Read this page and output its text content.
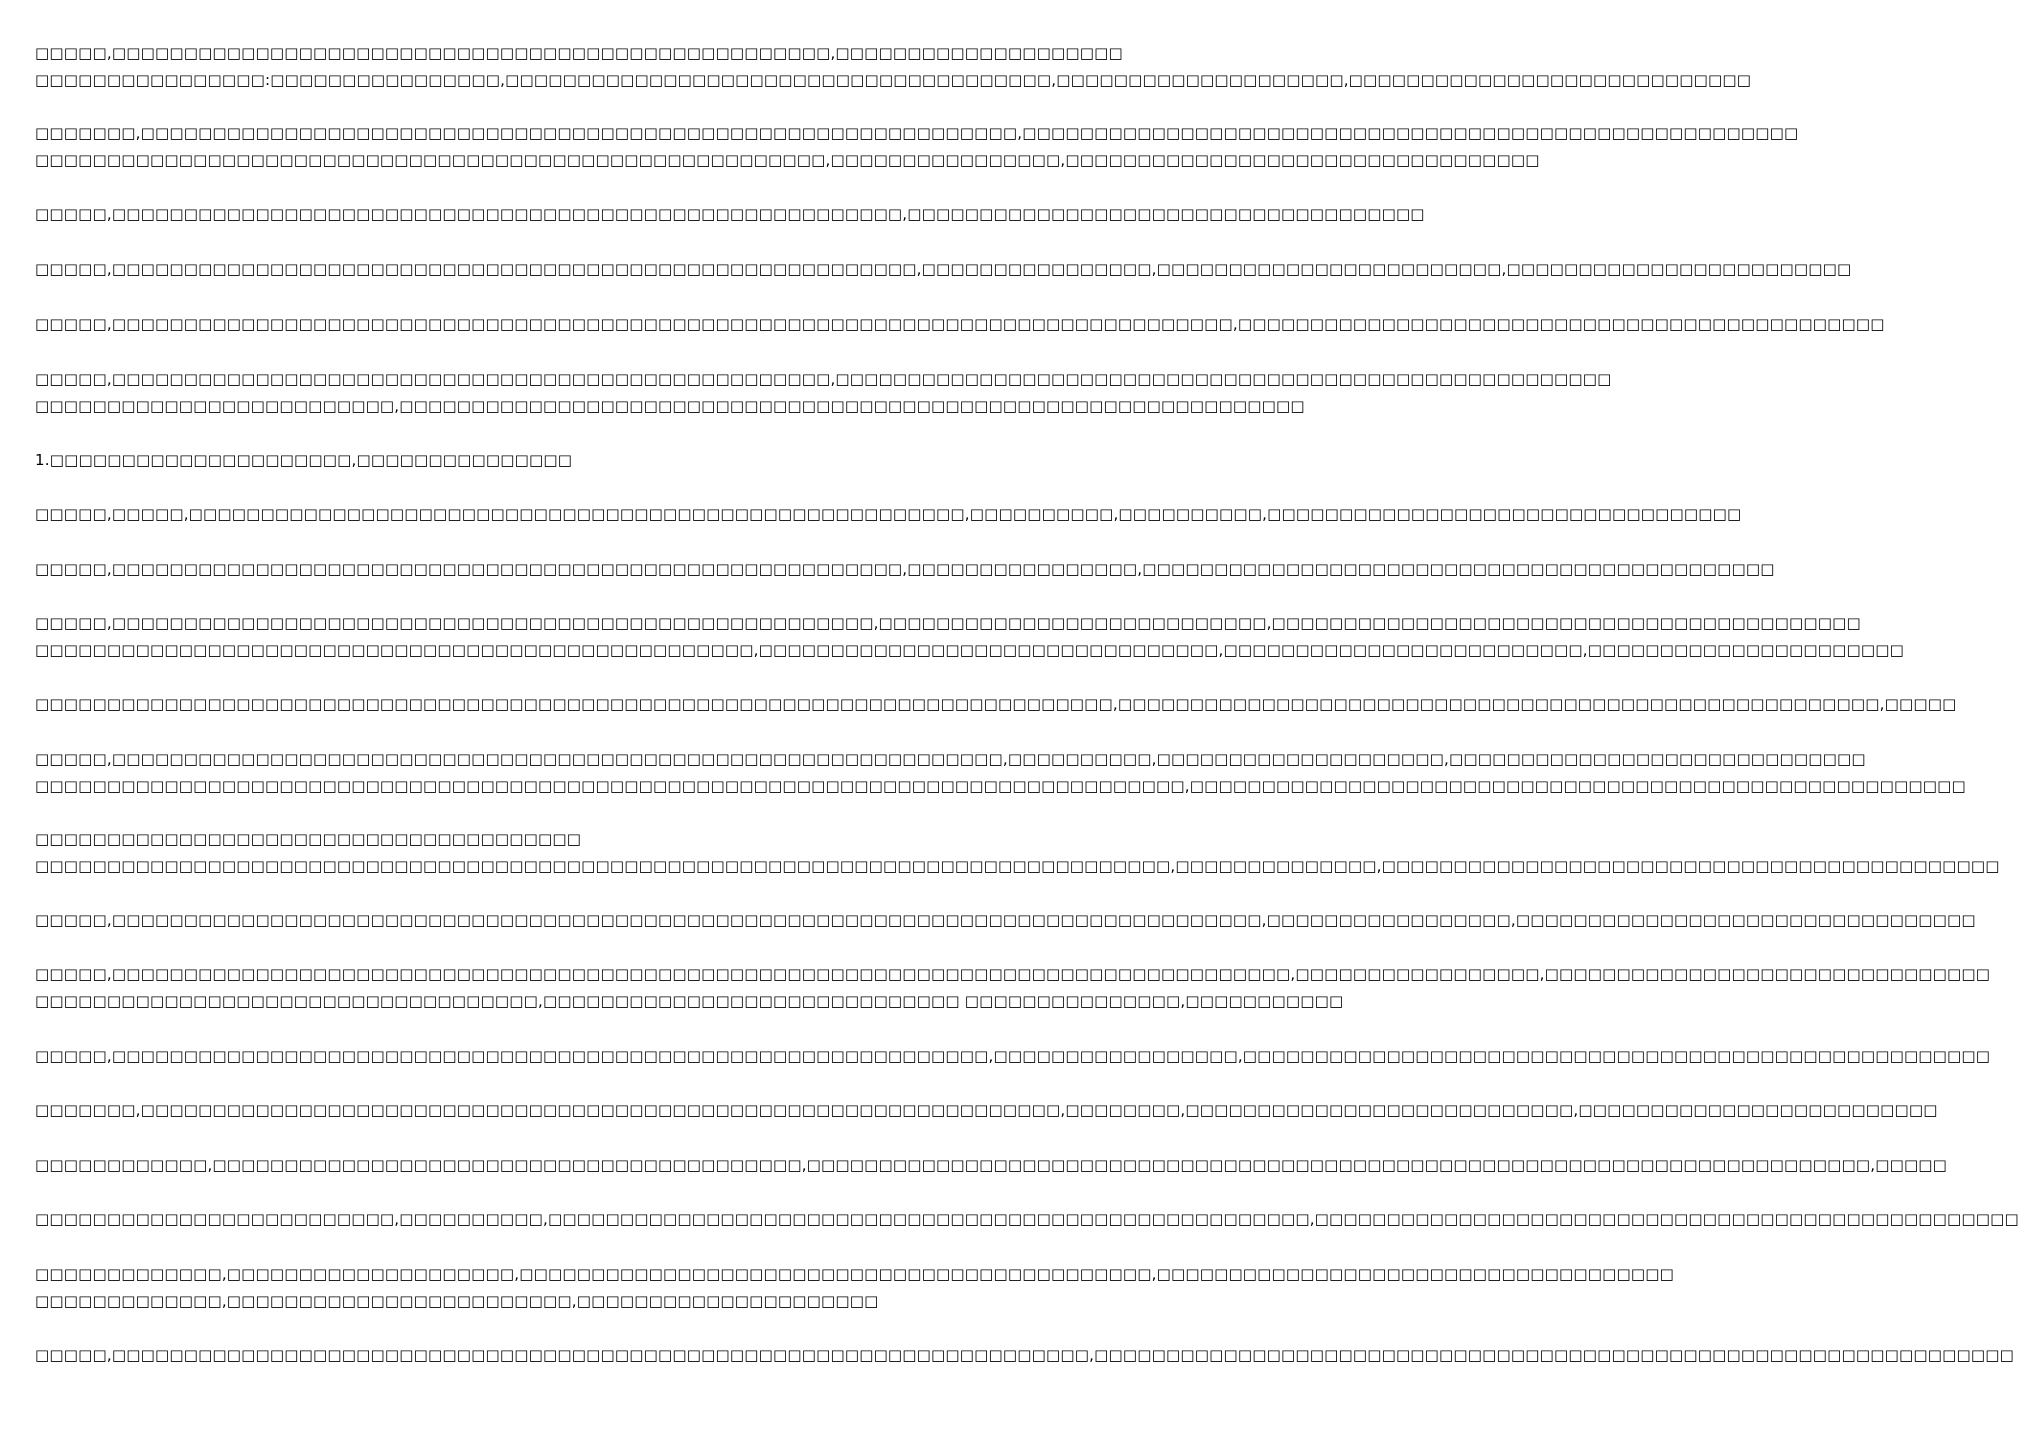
□□□□□,□□□□□□□□□□□□□□□□□□□□□□□□□□□□□□□□□□□□□□□□□□□□□□□□□□,□□□□□□□□□□□□□□□□□□□□
□□□□□□□□□□□□□□□□:□□□□□□□□□□□□□□□□,□□□□□□□□□□□□□□□□□□□□□□□□□□□□□□□□□□□□□□,□□□□□□□□□□□□□□□□□□□□,□□□□□□□□□□□□□□□□□□□□□□□□□□□□
□□□□□□□,□□□□□□□□□□□□□□□□□□□□□□□□□□□□□□□□□□□□□□□□□□□□□□□□□□□□□□□□□□□□□,□□□□□□□□□□□□□□□□□□□□□□□□□□□□□□□□□□□□□□□□□□□□□□□□□□□□□□
□□□□□□□□□□□□□□□□□□□□□□□□□□□□□□□□□□□□□□□□□□□□□□□□□□□□□□□,□□□□□□□□□□□□□□□□,□□□□□□□□□□□□□□□□□□□□□□□□□□□□□□□□□
□□□□□,□□□□□□□□□□□□□□□□□□□□□□□□□□□□□□□□□□□□□□□□□□□□□□□□□□□□□□□,□□□□□□□□□□□□□□□□□□□□□□□□□□□□□□□□□□□□
□□□□□,□□□□□□□□□□□□□□□□□□□□□□□□□□□□□□□□□□□□□□□□□□□□□□□□□□□□□□□□,□□□□□□□□□□□□□□□□,□□□□□□□□□□□□□□□□□□□□□□□□,□□□□□□□□□□□□□□□□□□□□□□□□
□□□□□,□□□□□□□□□□□□□□□□□□□□□□□□□□□□□□□□□□□□□□□□□□□□□□□□□□□□□□□□□□□□□□□□□□□□□□□□□□□□□□,□□□□□□□□□□□□□□□□□□□□□□□□□□□□□□□□□□□□□□□□□□□□□
□□□□□,□□□□□□□□□□□□□□□□□□□□□□□□□□□□□□□□□□□□□□□□□□□□□□□□□□,□□□□□□□□□□□□□□□□□□□□□□□□□□□□□□□□□□□□□□□□□□□□□□□□□□□□□□
□□□□□□□□□□□□□□□□□□□□□□□□□,□□□□□□□□□□□□□□□□□□□□□□□□□□□□□□□□□□□□□□□□□□□□□□□□□□□□□□□□□□□□□□□
1.□□□□□□□□□□□□□□□□□□□□□,□□□□□□□□□□□□□□□
□□□□□,□□□□□,□□□□□□□□□□□□□□□□□□□□□□□□□□□□□□□□□□□□□□□□□□□□□□□□□□□□□□,□□□□□□□□□□,□□□□□□□□□□,□□□□□□□□□□□□□□□□□□□□□□□□□□□□□□□□□
□□□□□,□□□□□□□□□□□□□□□□□□□□□□□□□□□□□□□□□□□□□□□□□□□□□□□□□□□□□□□,□□□□□□□□□□□□□□□□,□□□□□□□□□□□□□□□□□□□□□□□□□□□□□□□□□□□□□□□□□□□□
□□□□□,□□□□□□□□□□□□□□□□□□□□□□□□□□□□□□□□□□□□□□□□□□□□□□□□□□□□□,□□□□□□□□□□□□□□□□□□□□□□□□□□□,□□□□□□□□□□□□□□□□□□□□□□□□□□□□□□□□□□□□□□□□□
□□□□□□□□□□□□□□□□□□□□□□□□□□□□□□□□□□□□□□□□□□□□□□□□□□,□□□□□□□□□□□□□□□□□□□□□□□□□□□□□□□□,□□□□□□□□□□□□□□□□□□□□□□□□□,□□□□□□□□□□□□□□□□□□□□□□
□□□□□□□□□□□□□□□□□□□□□□□□□□□□□□□□□□□□□□□□□□□□□□□□□□□□□□□□□□□□□□□□□□□□□□□□□□□,□□□□□□□□□□□□□□□□□□□□□□□□□□□□□□□□□□□□□□□□□□□□□□□□□□□□□,□□□□□
□□□□□,□□□□□□□□□□□□□□□□□□□□□□□□□□□□□□□□□□□□□□□□□□□□□□□□□□□□□□□□□□□□□□,□□□□□□□□□□,□□□□□□□□□□□□□□□□□□□□,□□□□□□□□□□□□□□□□□□□□□□□□□□□□□
□□□□□□□□□□□□□□□□□□□□□□□□□□□□□□□□□□□□□□□□□□□□□□□□□□□□□□□□□□□□□□□□□□□□□□□□□□□□□□□□,□□□□□□□□□□□□□□□□□□□□□□□□□□□□□□□□□□□□□□□□□□□□□□□□□□□□□□
□□□□□□□□□□□□□□□□□□□□□□□□□□□□□□□□□□□□□□
□□□□□□□□□□□□□□□□□□□□□□□□□□□□□□□□□□□□□□□□□□□□□□□□□□□□□□□□□□□□□□□□□□□□□□□□□□□□□□□,□□□□□□□□□□□□□□,□□□□□□□□□□□□□□□□□□□□□□□□□□□□□□□□□□□□□□□□□□□
□□□□□,□□□□□□□□□□□□□□□□□□□□□□□□□□□□□□□□□□□□□□□□□□□□□□□□□□□□□□□□□□□□□□□□□□□□□□□□□□□□□□□□,□□□□□□□□□□□□□□□□□,□□□□□□□□□□□□□□□□□□□□□□□□□□□□□□□□
□□□□□,□□□□□□□□□□□□□□□□□□□□□□□□□□□□□□□□□□□□□□□□□□□□□□□□□□□□□□□□□□□□□□□□□□□□□□□□□□□□□□□□□□,□□□□□□□□□□□□□□□□□,□□□□□□□□□□□□□□□□□□□□□□□□□□□□□□□
□□□□□□□□□□□□□□□□□□□□□□□□□□□□□□□□□□□,□□□□□□□□□□□□□□□□□□□□□□□□□□□□□ □□□□□□□□□□□□□□□,□□□□□□□□□□□
□□□□□,□□□□□□□□□□□□□□□□□□□□□□□□□□□□□□□□□□□□□□□□□□□□□□□□□□□□□□□□□□□□□,□□□□□□□□□□□□□□□□□,□□□□□□□□□□□□□□□□□□□□□□□□□□□□□□□□□□□□□□□□□□□□□□□□□□□□
□□□□□□□,□□□□□□□□□□□□□□□□□□□□□□□□□□□□□□□□□□□□□□□□□□□□□□□□□□□□□□□□□□□□□□□□,□□□□□□□□,□□□□□□□□□□□□□□□□□□□□□□□□□□□,□□□□□□□□□□□□□□□□□□□□□□□□□
□□□□□□□□□□□□,□□□□□□□□□□□□□□□□□□□□□□□□□□□□□□□□□□□□□□□□□,□□□□□□□□□□□□□□□□□□□□□□□□□□□□□□□□□□□□□□□□□□□□□□□□□□□□□□□□□□□□□□□□□□□□□□□□□□,□□□□□
□□□□□□□□□□□□□□□□□□□□□□□□□,□□□□□□□□□□,□□□□□□□□□□□□□□□□□□□□□□□□□□□□□□□□□□□□□□□□□□□□□□□□□□□□□,□□□□□□□□□□□□□□□□□□□□□□□□□□□□□□□□□□□□□□□□□□□□□□□□□
□□□□□□□□□□□□□,□□□□□□□□□□□□□□□□□□□□,□□□□□□□□□□□□□□□□□□□□□□□□□□□□□□□□□□□□□□□□□□□□,□□□□□□□□□□□□□□□□□□□□□□□□□□□□□□□□□□□□
□□□□□□□□□□□□□,□□□□□□□□□□□□□□□□□□□□□□□□,□□□□□□□□□□□□□□□□□□□□□
□□□□□,□□□□□□□□□□□□□□□□□□□□□□□□□□□□□□□□□□□□□□□□□□□□□□□□□□□□□□□□□□□□□□□□□□□□,□□□□□□□□□□□□□□□□□□□□□□□□□□□□□□□□□□□□□□□□□□□□□□□□□□□□□□□□□□□□□□□□
